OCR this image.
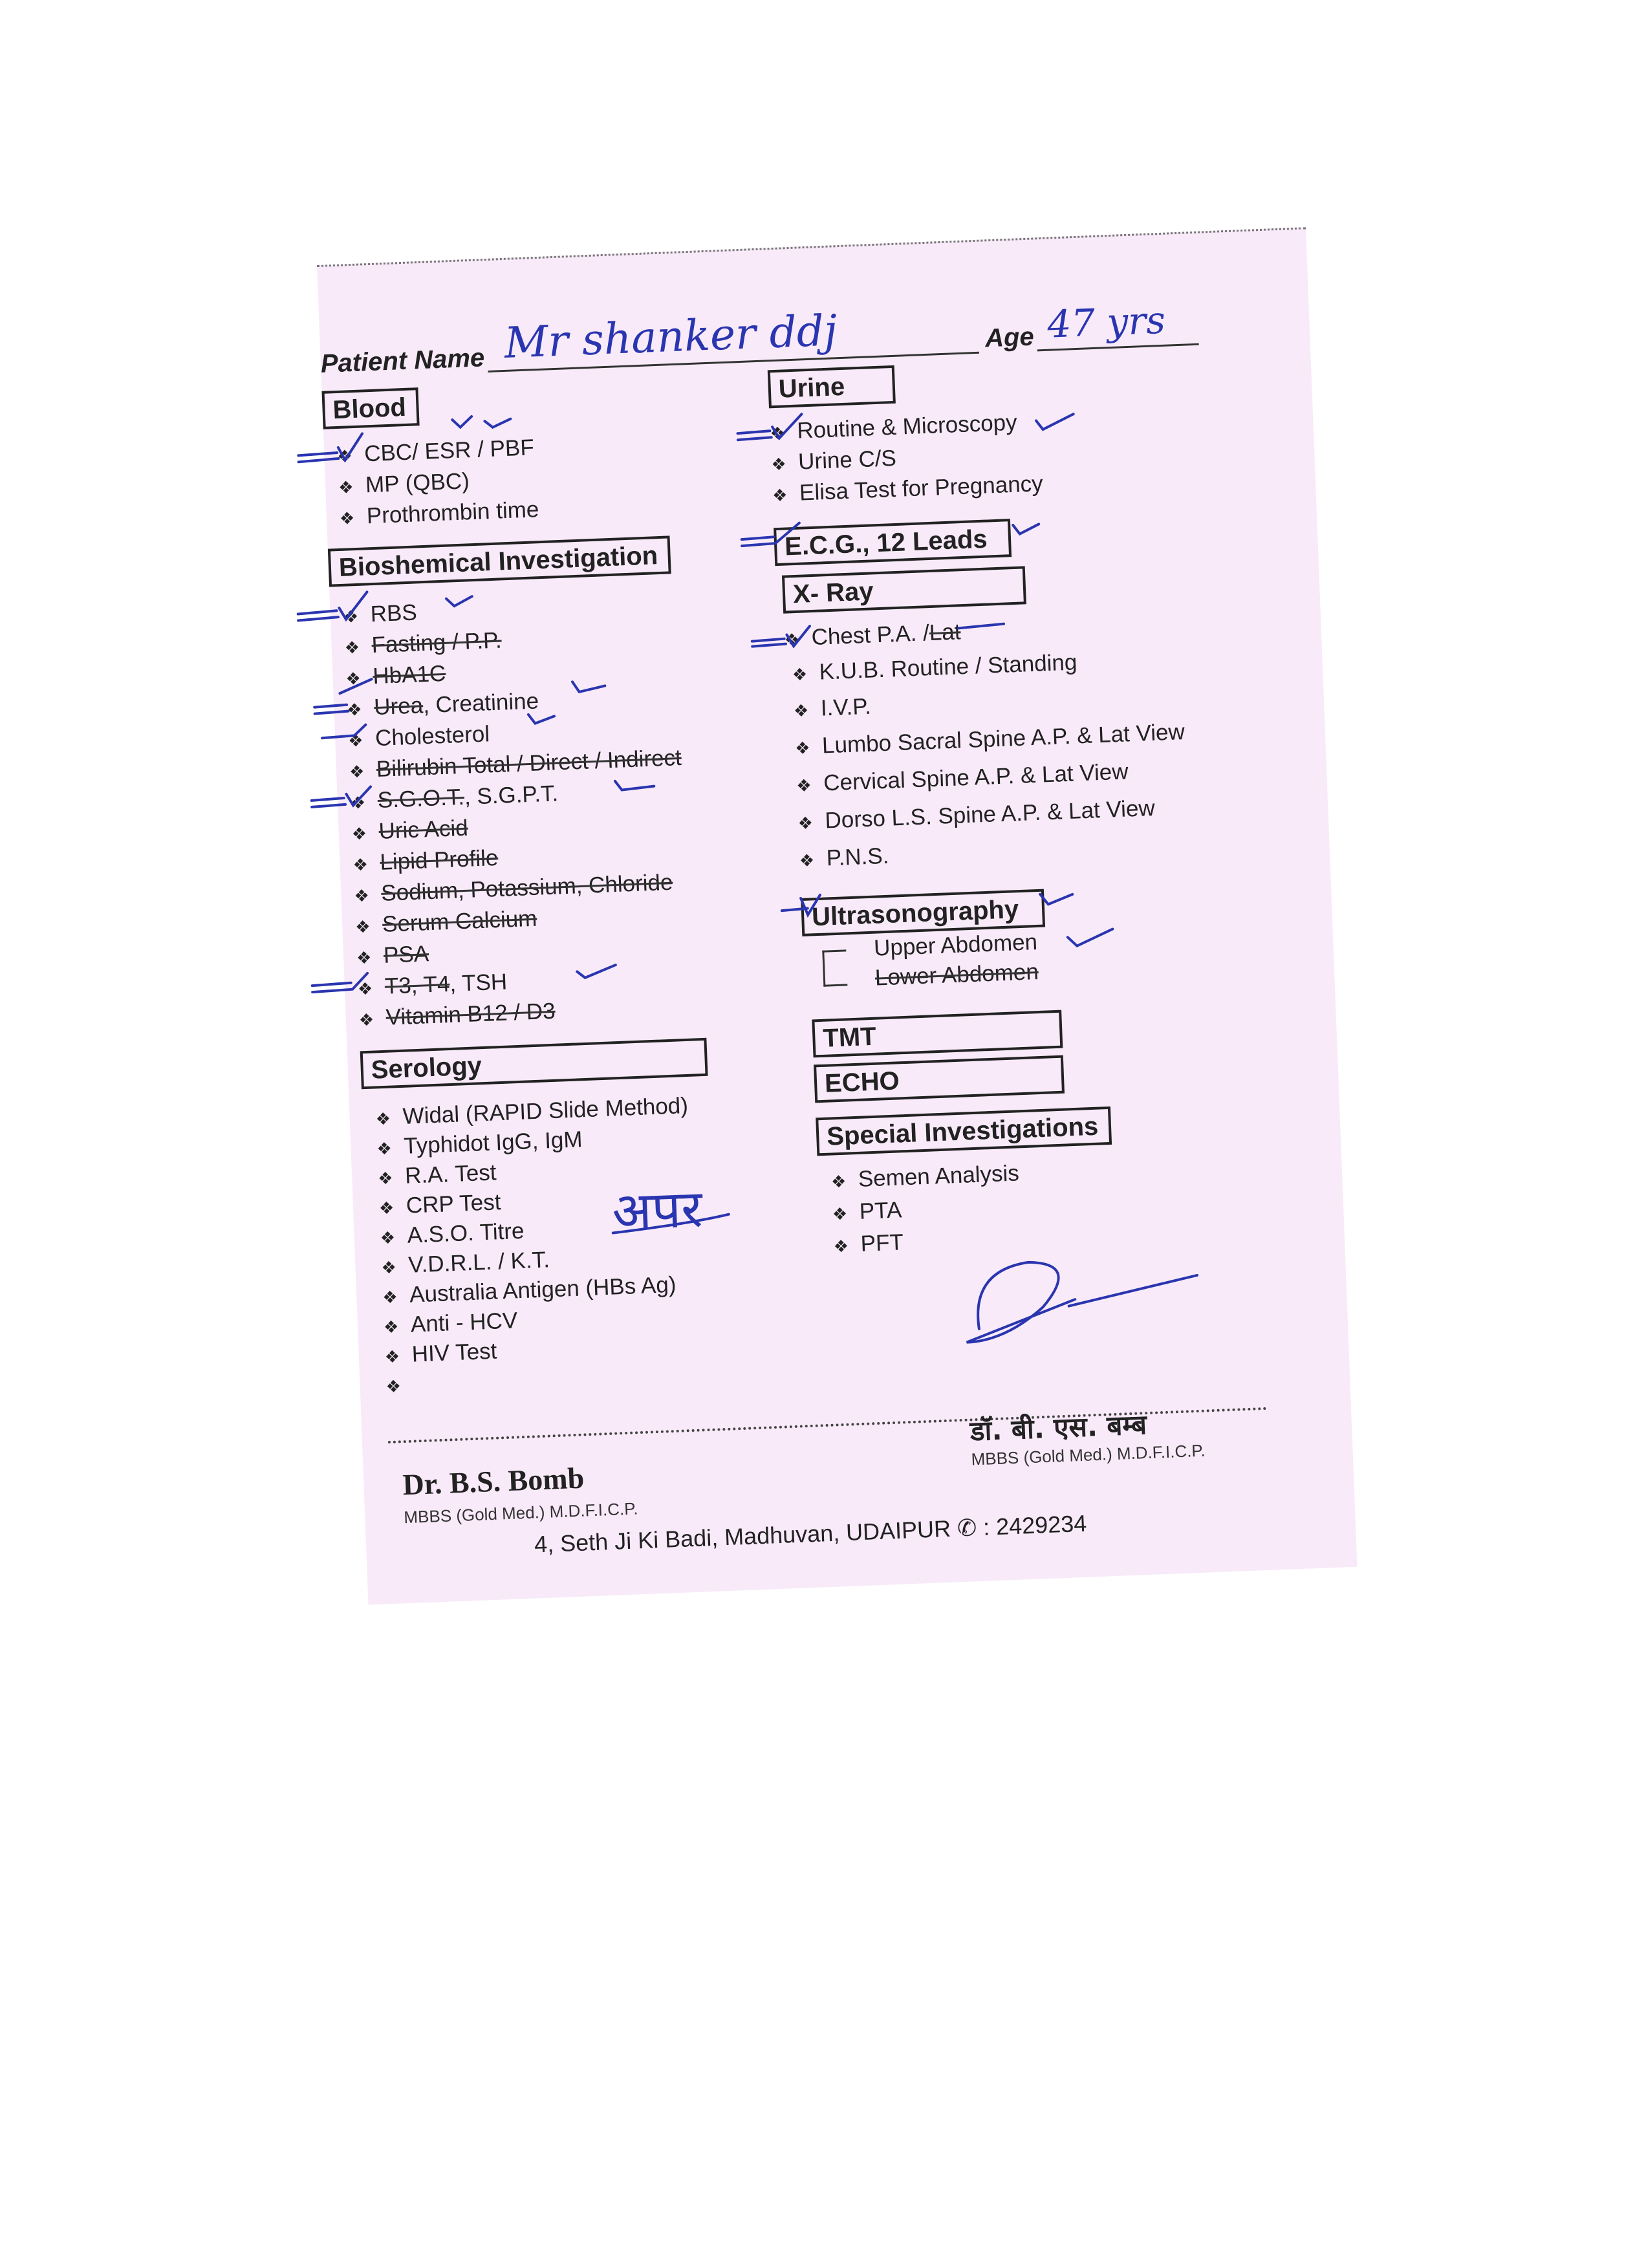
Patient Name Mr shanker ddj	Age 47 yrs
Blood
❖ CBC/ ESR / PBF
❖ MP (QBC)
❖ Prothrombin time
Bioshemical Investigation
❖ RBS
❖ Fasting / P.P.
❖ HbA1C
❖ Urea, Creatinine
❖ Cholesterol
❖ Bilirubin Total / Direct / Indirect
❖ S.G.O.T., S.G.P.T.
❖ Uric Acid
❖ Lipid Profile
❖ Sodium, Potassium, Chloride
❖ Serum Calcium
❖ PSA
❖ T3, T4, TSH
❖ Vitamin B12 / D3
Serology
❖ Widal (RAPID Slide Method)
❖ Typhidot IgG, IgM
❖ R.A. Test
❖ CRP Test
❖ A.S.O. Titre
❖ V.D.R.L. / K.T.
❖ Australia Antigen (HBs Ag)
❖ Anti - HCV
❖ HIV Test
❖
Urine
❖ Routine & Microscopy
❖ Urine C/S
❖ Elisa Test for Pregnancy
E.C.G., 12 Leads
X- Ray
❖ Chest P.A. /Lat
❖ K.U.B. Routine / Standing
❖ I.V.P.
❖ Lumbo Sacral Spine A.P. & Lat View
❖ Cervical Spine A.P. & Lat View
❖ Dorso L.S. Spine A.P. & Lat View
❖ P.N.S.
Ultrasonography
Upper Abdomen
Lower Abdomen
TMT
ECHO
Special Investigations
❖ Semen Analysis
❖ PTA
❖ PFT
अपर
Dr. B.S. Bomb
MBBS (Gold Med.) M.D.F.I.C.P.
डॉ. बी. एस. बम्ब
MBBS (Gold Med.) M.D.F.I.C.P.
4, Seth Ji Ki Badi, Madhuvan, UDAIPUR ✆ : 2429234
